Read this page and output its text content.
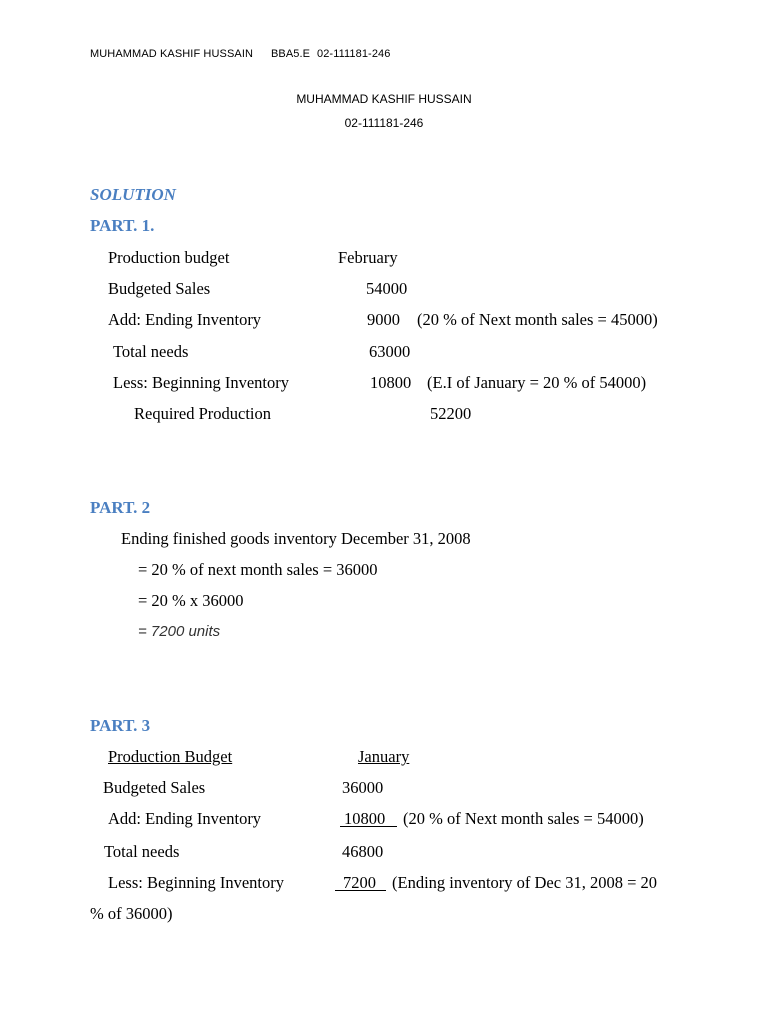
MUHAMMAD KASHIF HUSSAIN BBA5.E 02-111181-246
MUHAMMAD KASHIF HUSSAIN
02-111181-246
SOLUTION
PART. 1.
Production budget	February
Budgeted Sales	54000
Add: Ending Inventory	9000 (20 % of Next month sales = 45000)
Total needs	63000
Less: Beginning Inventory	10800 (E.I of January = 20 % of 54000)
Required Production	52200
PART. 2
Ending finished goods inventory December 31, 2008
= 20 % of next month sales = 36000
= 20 % x 36000
= 7200 units
PART. 3
Production Budget	January
Budgeted Sales	36000
Add: Ending Inventory	10800	(20 % of Next month sales = 54000)
Total needs	46800
Less: Beginning Inventory	7200 (Ending inventory of Dec 31, 2008 = 20
% of 36000)
